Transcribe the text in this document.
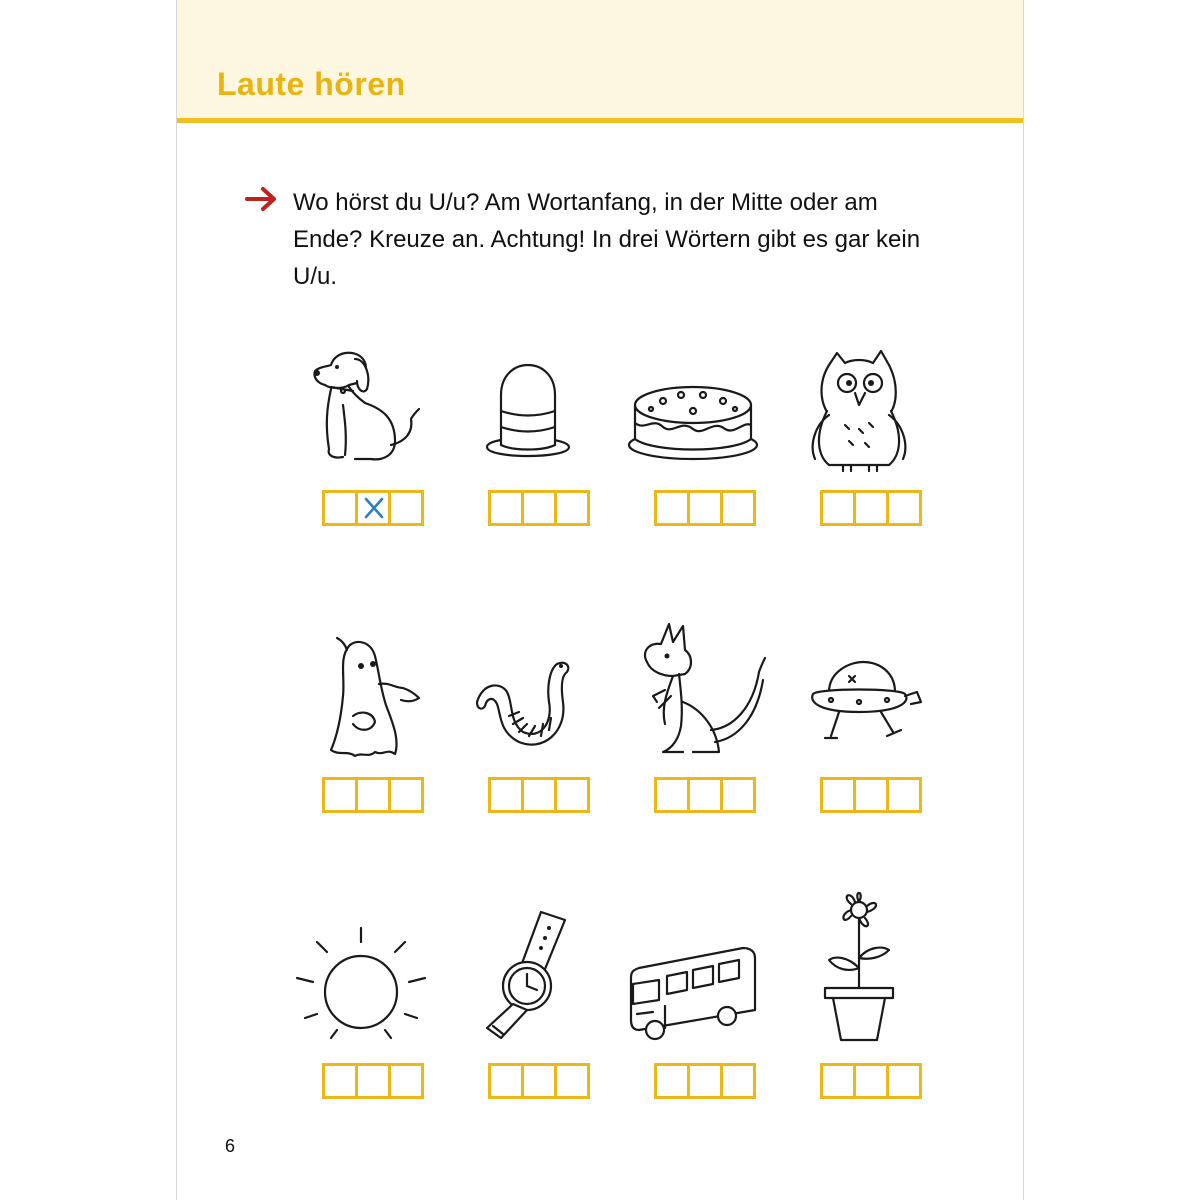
Laute hören
Wo hörst du U/u? Am Wortanfang, in der Mitte oder am Ende? Kreuze an. Achtung! In drei Wörtern gibt es gar kein U/u.
6
